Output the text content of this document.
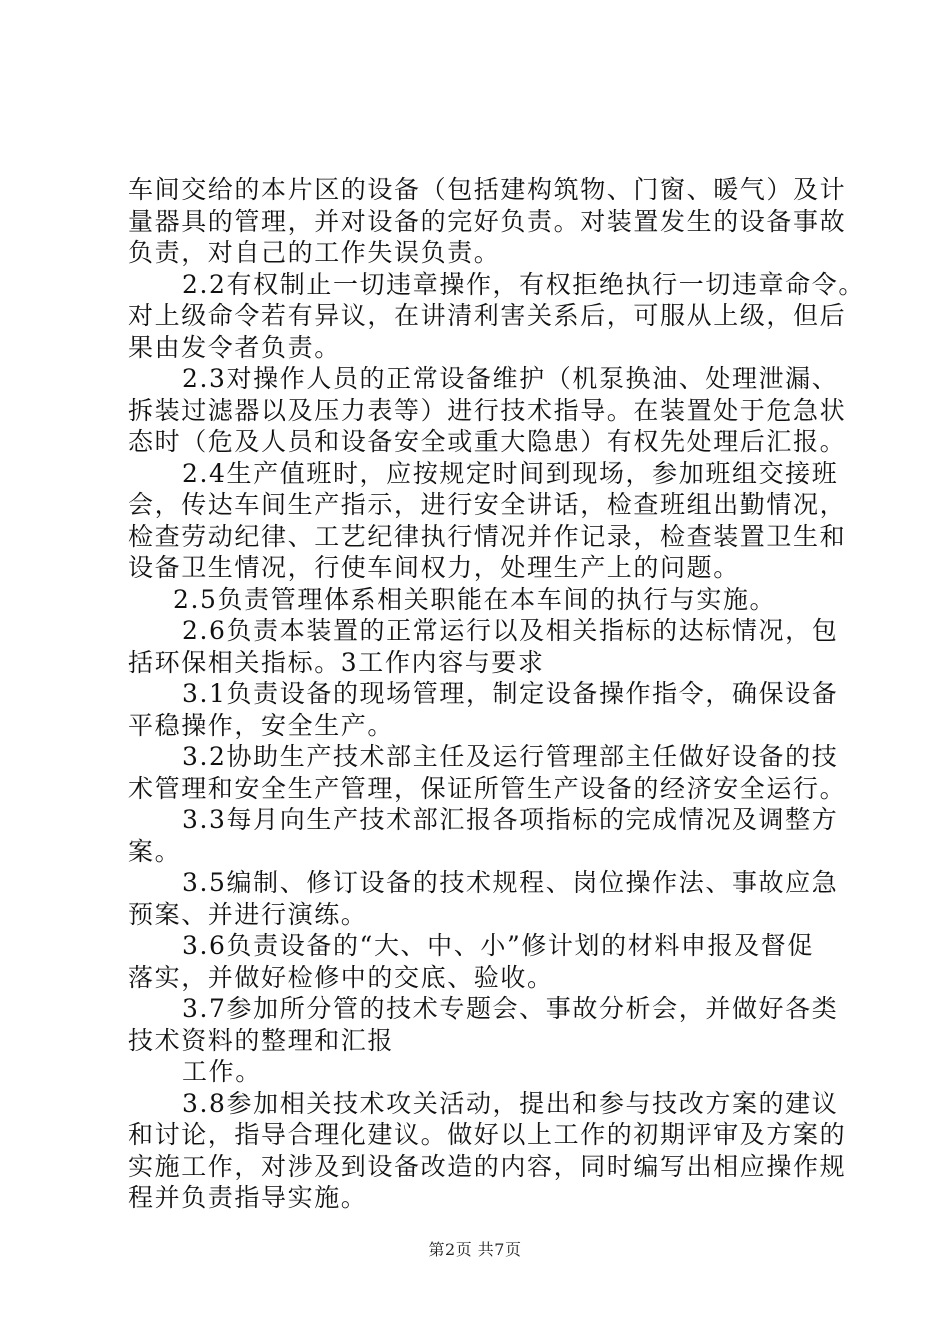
车间交给的本片区的设备（包括建构筑物、门窗、暖气）及计
量器具的管理，并对设备的完好负责。对装置发生的设备事故
负责，对自己的工作失误负责。
2.2有权制止一切违章操作，有权拒绝执行一切违章命令。
对上级命令若有异议，在讲清利害关系后，可服从上级，但后
果由发令者负责。
2.3对操作人员的正常设备维护（机泵换油、处理泄漏、
拆装过滤器以及压力表等）进行技术指导。在装置处于危急状
态时（危及人员和设备安全或重大隐患）有权先处理后汇报。
2.4生产值班时，应按规定时间到现场，参加班组交接班
会，传达车间生产指示，进行安全讲话，检查班组出勤情况，
检查劳动纪律、工艺纪律执行情况并作记录，检查装置卫生和
设备卫生情况，行使车间权力，处理生产上的问题。
2.5负责管理体系相关职能在本车间的执行与实施。
2.6负责本装置的正常运行以及相关指标的达标情况，包
括环保相关指标。3工作内容与要求
3.1负责设备的现场管理，制定设备操作指令，确保设备
平稳操作，安全生产。
3.2协助生产技术部主任及运行管理部主任做好设备的技
术管理和安全生产管理，保证所管生产设备的经济安全运行。
3.3每月向生产技术部汇报各项指标的完成情况及调整方
案。
3.5编制、修订设备的技术规程、岗位操作法、事故应急
预案、并进行演练。
3.6负责设备的“大、中、小”修计划的材料申报及督促
落实，并做好检修中的交底、验收。
3.7参加所分管的技术专题会、事故分析会，并做好各类
技术资料的整理和汇报
工作。
3.8参加相关技术攻关活动，提出和参与技改方案的建议
和讨论，指导合理化建议。做好以上工作的初期评审及方案的
实施工作，对涉及到设备改造的内容，同时编写出相应操作规
程并负责指导实施。
第2页 共7页
